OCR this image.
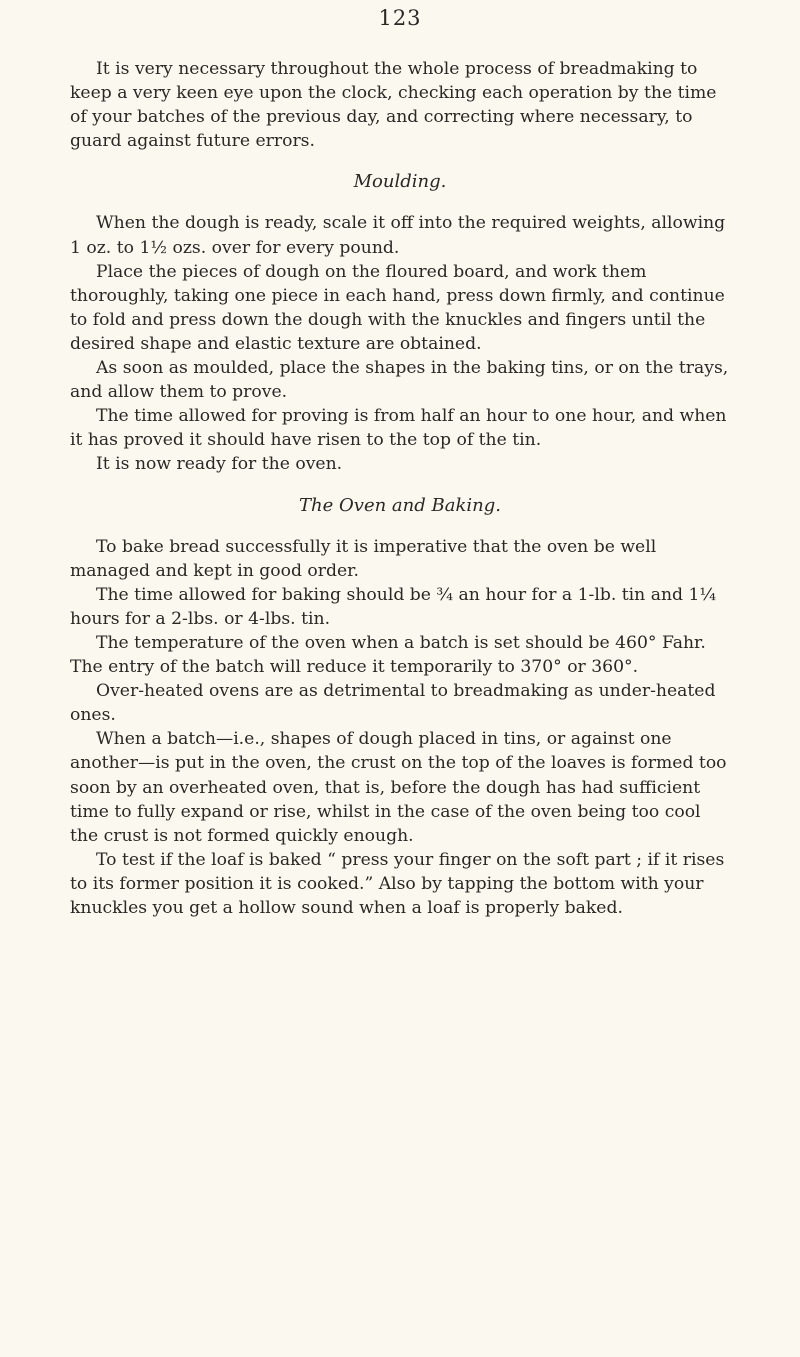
123

It is very necessary throughout the whole process of breadmaking to keep a very keen eye upon the clock, checking each operation by the time of your batches of the previous day, and correcting where necessary, to guard against future errors.

Moulding.

When the dough is ready, scale it off into the required weights, allowing 1 oz. to 1½ ozs. over for every pound.

Place the pieces of dough on the floured board, and work them thoroughly, taking one piece in each hand, press down firmly, and continue to fold and press down the dough with the knuckles and fingers until the desired shape and elastic texture are obtained.

As soon as moulded, place the shapes in the baking tins, or on the trays, and allow them to prove.

The time allowed for proving is from half an hour to one hour, and when it has proved it should have risen to the top of the tin.

It is now ready for the oven.

The Oven and Baking.

To bake bread successfully it is imperative that the oven be well managed and kept in good order.

The time allowed for baking should be ¾ an hour for a 1-lb. tin and 1¼ hours for a 2-lbs. or 4-lbs. tin.

The temperature of the oven when a batch is set should be 460° Fahr. The entry of the batch will reduce it temporarily to 370° or 360°.

Over-heated ovens are as detrimental to breadmaking as under-heated ones.

When a batch—i.e., shapes of dough placed in tins, or against one another—is put in the oven, the crust on the top of the loaves is formed too soon by an overheated oven, that is, before the dough has had sufficient time to fully expand or rise, whilst in the case of the oven being too cool the crust is not formed quickly enough.

To test if the loaf is baked “ press your finger on the soft part ; if it rises to its former position it is cooked.” Also by tapping the bottom with your knuckles you get a hollow sound when a loaf is properly baked.
